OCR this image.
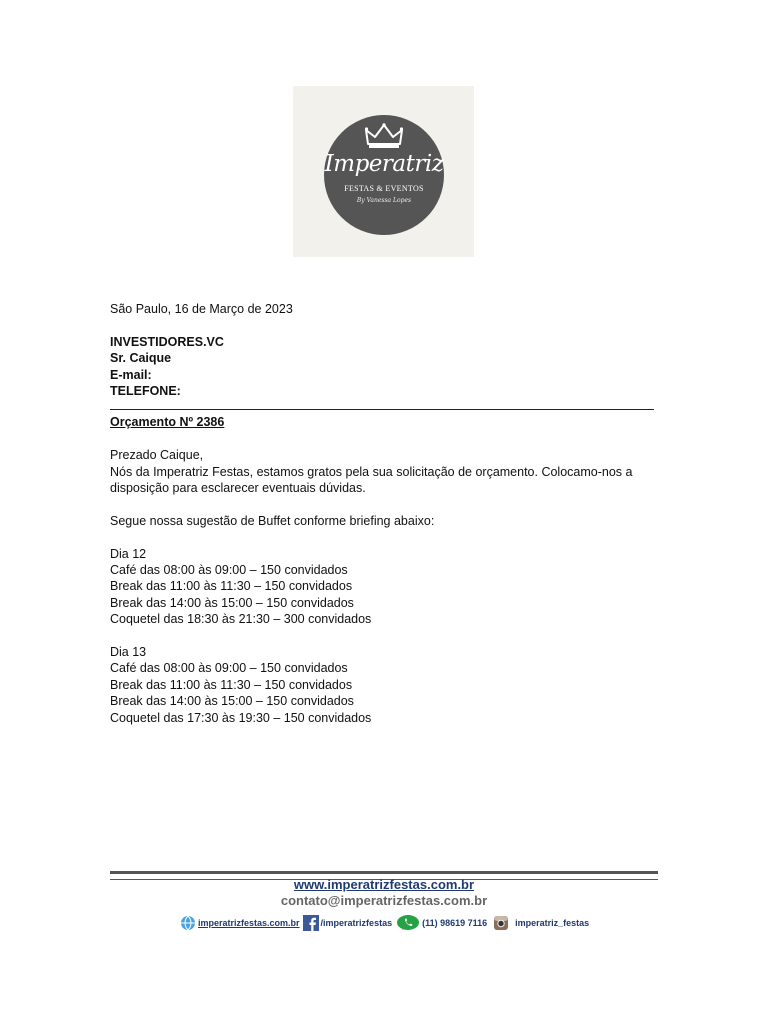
Imperatriz
FESTAS & EVENTOS
By Vanessa Lopes

São Paulo, 16 de Março de 2023

INVESTIDORES.VC

Sr. Caique

E-mail:

TELEFONE:

Orçamento Nº 2386

Prezado Caique,

Nós da Imperatriz Festas, estamos gratos pela sua solicitação de orçamento. Colocamo-nos a disposição para esclarecer eventuais dúvidas.

Segue nossa sugestão de Buffet conforme briefing abaixo:

Dia 12

Café das 08:00 às 09:00 – 150 convidados

Break das 11:00 às 11:30 – 150 convidados

Break das 14:00 às 15:00 – 150 convidados

Coquetel das 18:30 às 21:30 – 300 convidados

Dia 13

Café das 08:00 às 09:00 – 150 convidados

Break das 11:00 às 11:30 – 150 convidados

Break das 14:00 às 15:00 – 150 convidados

Coquetel das 17:30 às 19:30 – 150 convidados

www.imperatrizfestas.com.br
contato@imperatrizfestas.com.br
imperatrizfestas.com.br /imperatrizfestas	(11) 98619 7116	imperatriz_festas
